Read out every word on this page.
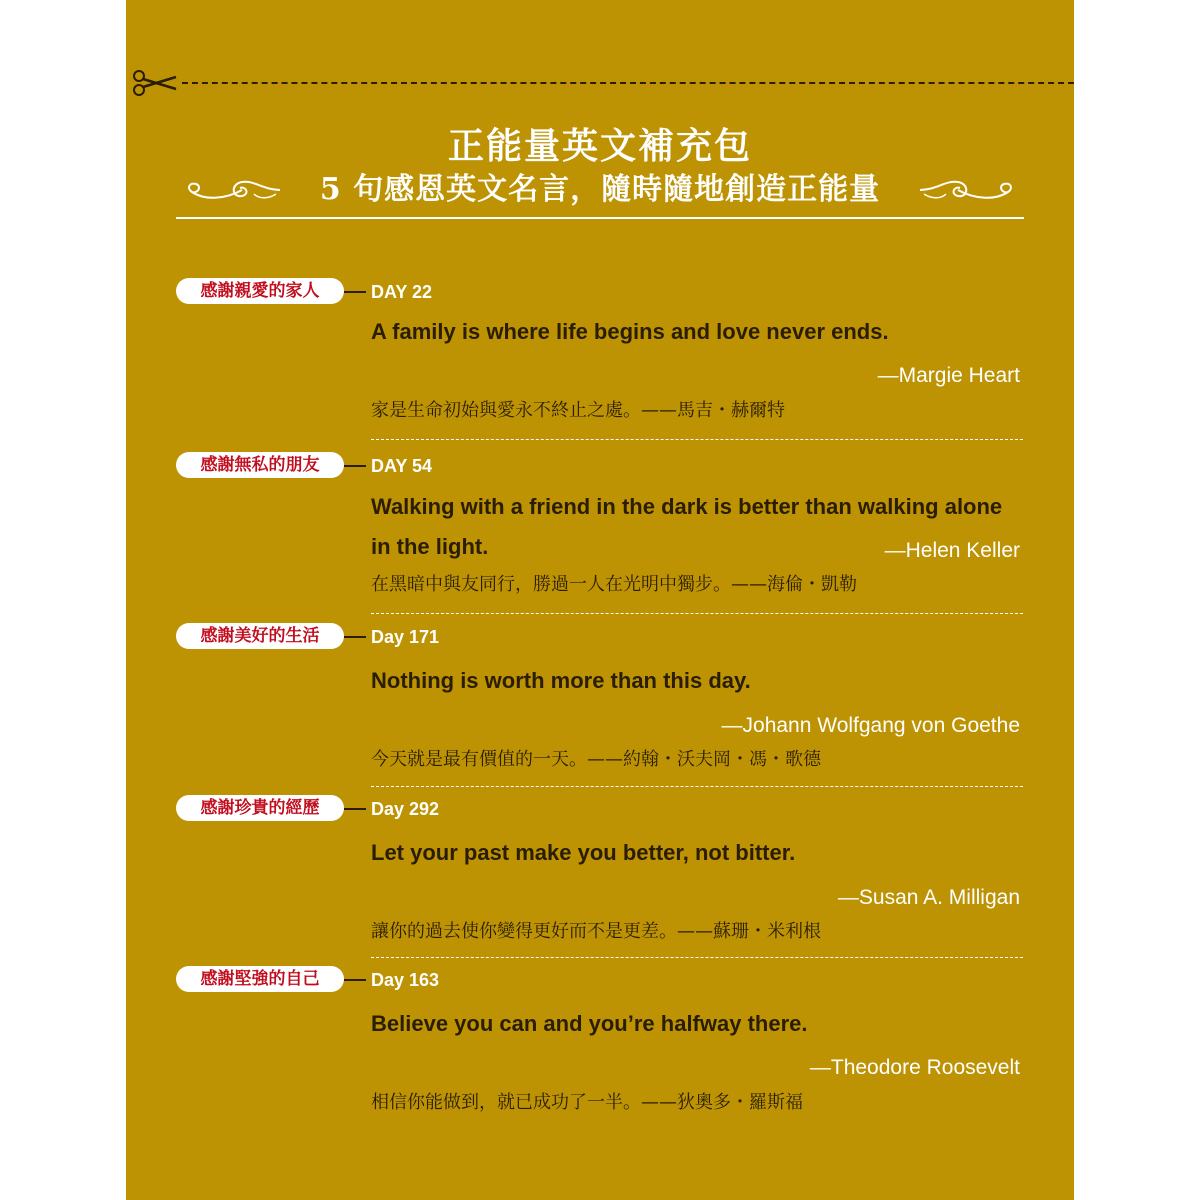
正能量英文補充包
5 句感恩英文名言，隨時隨地創造正能量
感謝親愛的家人	DAY 22
A family is where life begins and love never ends.
—Margie Heart
家是生命初始與愛永不終止之處。——馬吉・赫爾特
感謝無私的朋友	DAY 54
Walking with a friend in the dark is better than walking alone in the light.	—Helen Keller
在黑暗中與友同行，勝過一人在光明中獨步。——海倫・凱勒
感謝美好的生活	Day 171
Nothing is worth more than this day.
—Johann Wolfgang von Goethe
今天就是最有價值的一天。——約翰・沃夫岡・馮・歌德
感謝珍貴的經歷	Day 292
Let your past make you better, not bitter.
—Susan A. Milligan
讓你的過去使你變得更好而不是更差。——蘇珊・米利根
感謝堅強的自己	Day 163
Believe you can and you’re halfway there.
—Theodore Roosevelt
相信你能做到，就已成功了一半。——狄奧多・羅斯福
